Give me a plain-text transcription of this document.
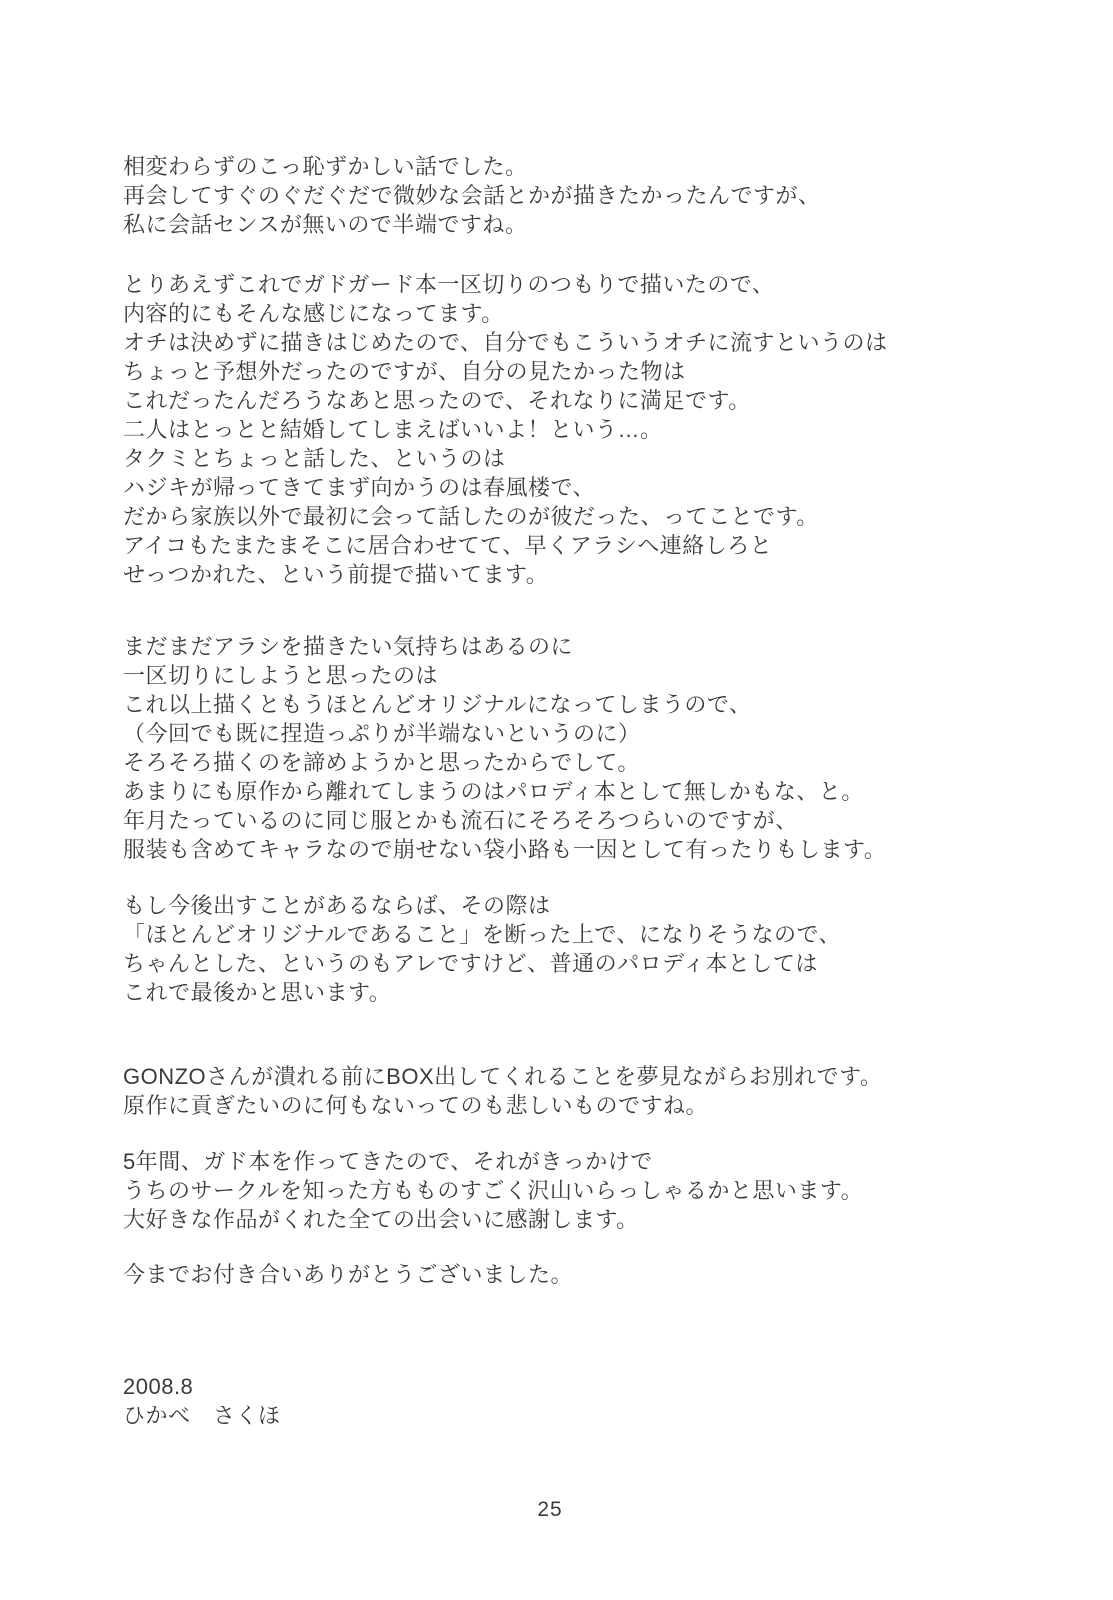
相変わらずのこっ恥ずかしい話でした。
再会してすぐのぐだぐだで微妙な会話とかが描きたかったんですが、
私に会話センスが無いので半端ですね。
とりあえずこれでガドガード本一区切りのつもりで描いたので、
内容的にもそんな感じになってます。
オチは決めずに描きはじめたので、自分でもこういうオチに流すというのは
ちょっと予想外だったのですが、自分の見たかった物は
これだったんだろうなあと思ったので、それなりに満足です。
二人はとっとと結婚してしまえばいいよ！という…。
タクミとちょっと話した、というのは
ハジキが帰ってきてまず向かうのは春風楼で、
だから家族以外で最初に会って話したのが彼だった、ってことです。
アイコもたまたまそこに居合わせてて、早くアラシへ連絡しろと
せっつかれた、という前提で描いてます。
まだまだアラシを描きたい気持ちはあるのに
一区切りにしようと思ったのは
これ以上描くともうほとんどオリジナルになってしまうので、
（今回でも既に捏造っぷりが半端ないというのに）
そろそろ描くのを諦めようかと思ったからでして。
あまりにも原作から離れてしまうのはパロディ本として無しかもな、と。
年月たっているのに同じ服とかも流石にそろそろつらいのですが、
服装も含めてキャラなので崩せない袋小路も一因として有ったりもします。
もし今後出すことがあるならば、その際は
「ほとんどオリジナルであること」を断った上で、になりそうなので、
ちゃんとした、というのもアレですけど、普通のパロディ本としては
これで最後かと思います。
GONZOさんが潰れる前にBOX出してくれることを夢見ながらお別れです。
原作に貢ぎたいのに何もないってのも悲しいものですね。
5年間、ガド本を作ってきたので、それがきっかけで
うちのサークルを知った方もものすごく沢山いらっしゃるかと思います。
大好きな作品がくれた全ての出会いに感謝します。
今までお付き合いありがとうございました。
2008.8
ひかべ　さくほ
25
